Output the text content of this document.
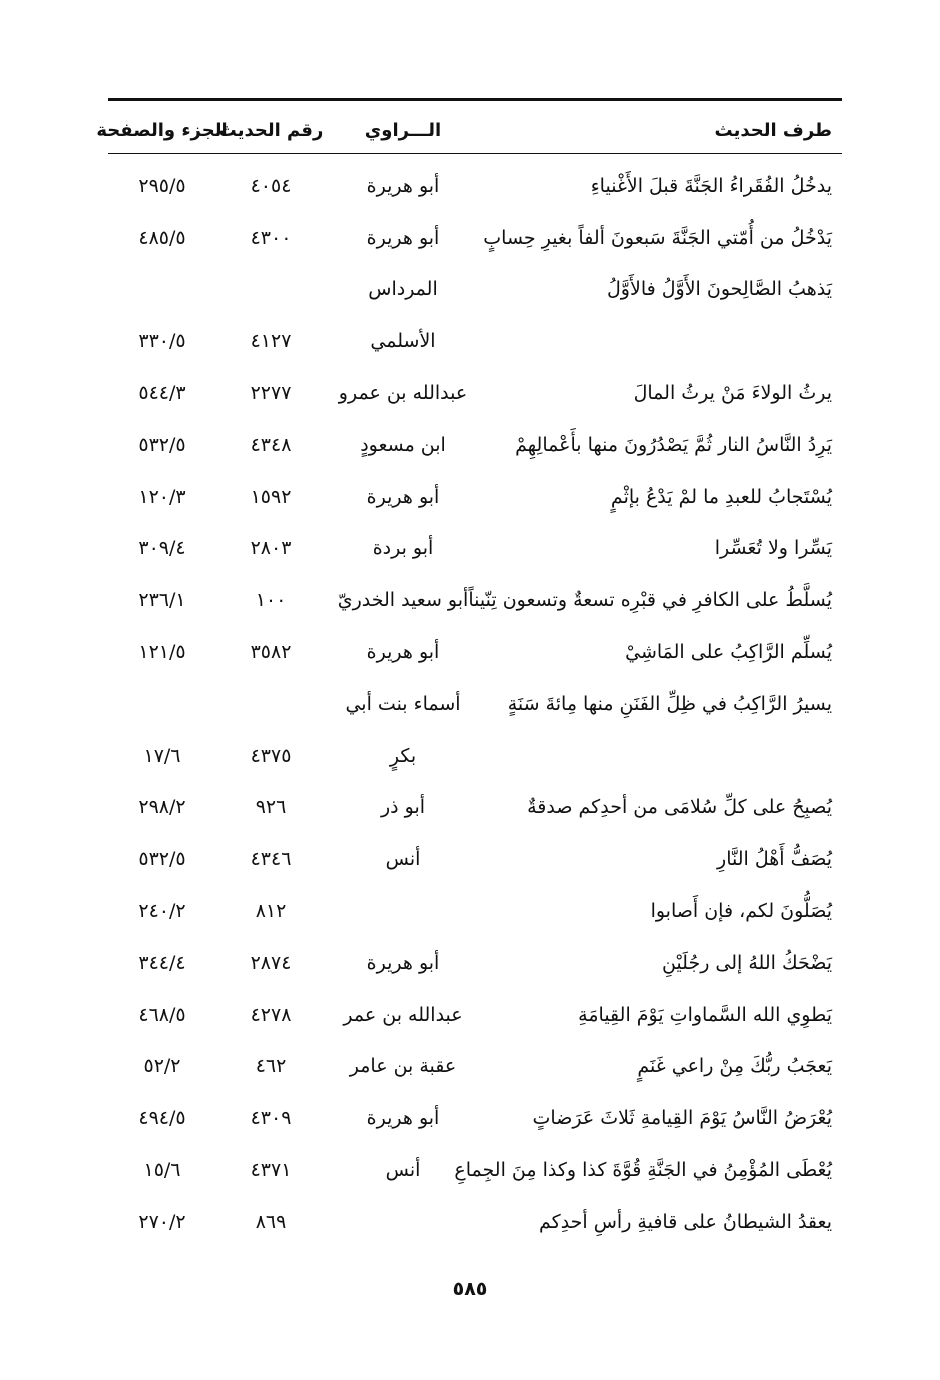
طرف الحديث
الـــراوي
رقم الحديث
الجزء والصفحة
يدخُلُ الفُقَراءُ الجَنَّةَ قبلَ الأَغْنياءِ
أبو هريرة
٤٠٥٤
٢٩٥/٥
يَدْخُلُ من أُمّتي الجَنَّةَ سَبعونَ ألفاً بغيرِ حِسابٍ
أبو هريرة
٤٣٠٠
٤٨٥/٥
يَذهبُ الصَّالِحونَ الأَوَّلُ فالأَوَّلُ
المرداس
الأسلمي
٤١٢٧
٣٣٠/٥
يرثُ الولاءَ مَنْ يرثُ المالَ
عبدالله بن عمرو
٢٢٧٧
٥٤٤/٣
يَرِدُ النَّاسُ النار ثُمَّ يَصْدُرُونَ منها بأَعْمالِهِمْ
ابن مسعودٍ
٤٣٤٨
٥٣٢/٥
يُسْتَجابُ للعبدِ ما لمْ يَدْعُ بإثْمٍ
أبو هريرة
١٥٩٢
١٢٠/٣
يَسِّرا ولا تُعَسِّرا
أبو بردة
٢٨٠٣
٣٠٩/٤
يُسلَّطُ على الكافرِ في قبْرِه تسعةٌ وتسعون تِنّيناً
أبو سعيد الخدريّ
١٠٠
٢٣٦/١
يُسلِّم الرَّاكِبُ على المَاشِيْ
أبو هريرة
٣٥٨٢
١٢١/٥
يسيرُ الرَّاكِبُ في ظِلِّ الفَنَنِ منها مِائةَ سَنَةٍ
أسماء بنت أبي
بكرٍ
٤٣٧٥
١٧/٦
يُصبِحُ على كلِّ سُلامَى من أحدِكم صدقةٌ
أبو ذر
٩٢٦
٢٩٨/٢
يُصَفُّ أَهْلُ النَّارِ
أنس
٤٣٤٦
٥٣٢/٥
يُصَلُّونَ لكم، فإن أَصابوا
٨١٢
٢٤٠/٢
يَضْحَكُ اللهُ إلى رجُلَيْنِ
أبو هريرة
٢٨٧٤
٣٤٤/٤
يَطوِي الله السَّماواتِ يَوْمَ القِيامَةِ
عبدالله بن عمر
٤٢٧٨
٤٦٨/٥
يَعجَبُ ربُّكَ مِنْ راعي غَنَمٍ
عقبة بن عامر
٤٦٢
٥٢/٢
يُعْرَضُ النَّاسُ يَوْمَ القِيامةِ ثَلاثَ عَرَضاتٍ
أبو هريرة
٤٣٠٩
٤٩٤/٥
يُعْطَى المُؤْمِنُ في الجَنَّةِ قُوَّةَ كذا وكذا مِنَ الجِماعِ
أنس
٤٣٧١
١٥/٦
يعقدُ الشيطانُ على قافيةِ رأسِ أحدِكم
٨٦٩
٢٧٠/٢
٥٨٥
